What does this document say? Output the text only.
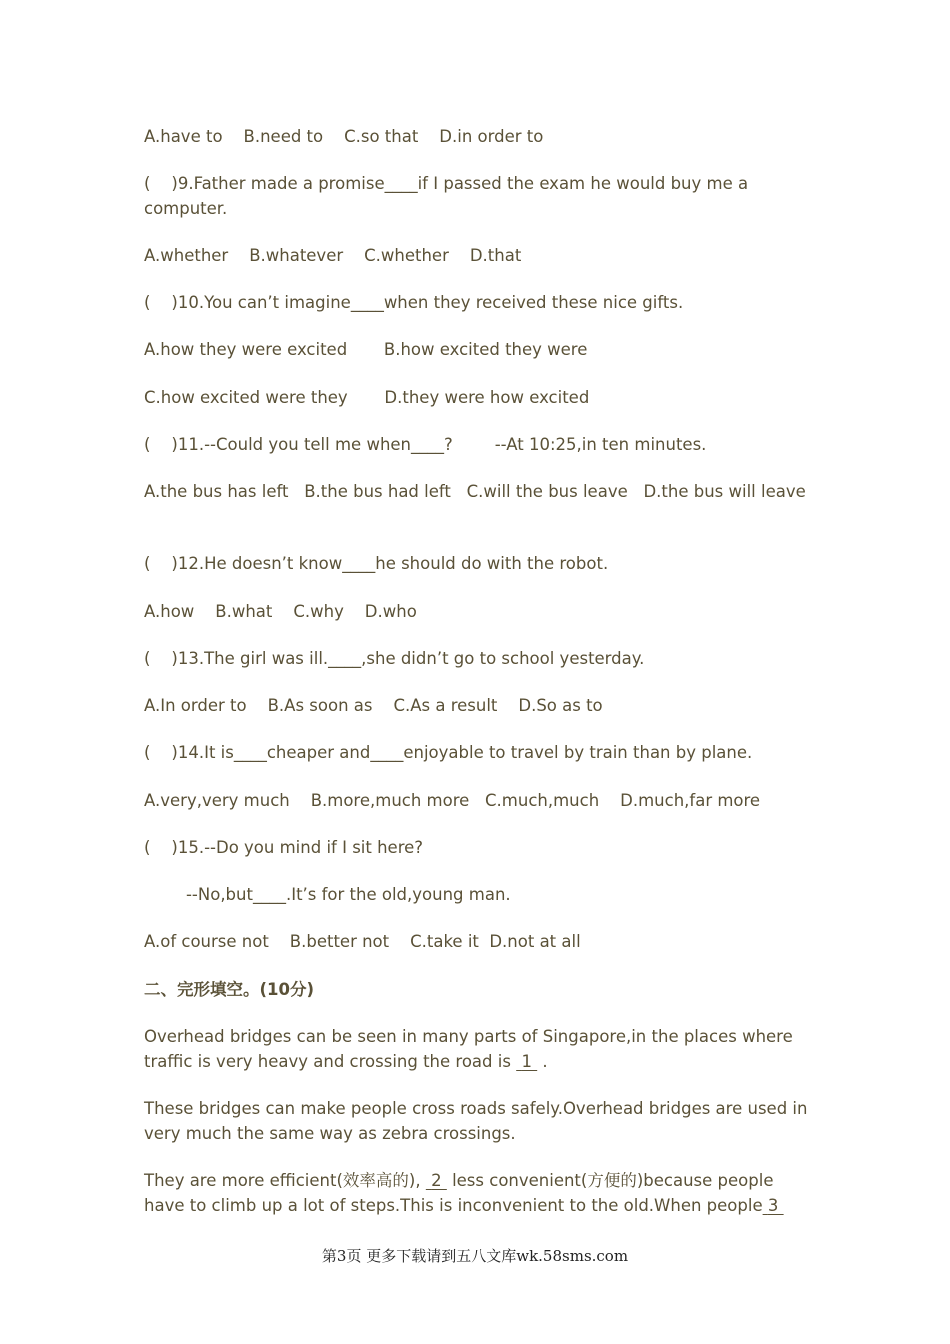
A.have to    B.need to    C.so that    D.in order to
(    )9.Father made a promise____if I passed the exam he would buy me a computer.
A.whether    B.whatever    C.whether    D.that
(    )10.You can’t imagine____when they received these nice gifts.
A.how they were excited       B.how excited they were
C.how excited were they       D.they were how excited
(    )11.--Could you tell me when____?        --At 10:25,in ten minutes.
A.the bus has left   B.the bus had left   C.will the bus leave   D.the bus will leave
(    )12.He doesn’t know____he should do with the robot.
A.how    B.what    C.why    D.who
(    )13.The girl was ill.____,she didn’t go to school yesterday.
A.In order to    B.As soon as    C.As a result    D.So as to
(    )14.It is____cheaper and____enjoyable to travel by train than by plane.
A.very,very much    B.more,much more   C.much,much    D.much,far more
(    )15.--Do you mind if I sit here?
--No,but____.It’s for the old,young man.
A.of course not    B.better not    C.take it  D.not at all
二、完形填空。(10分)
Overhead bridges can be seen in many parts of Singapore,in the places where traffic is very heavy and crossing the road is  1  .
These bridges can make people cross roads safely.Overhead bridges are used in very much the same way as zebra crossings.
They are more efficient(效率高的),  2  less convenient(方便的)because people have to climb up a lot of steps.This is inconvenient to the old.When people 3
第3页 更多下载请到五八文库wk.58sms.com
